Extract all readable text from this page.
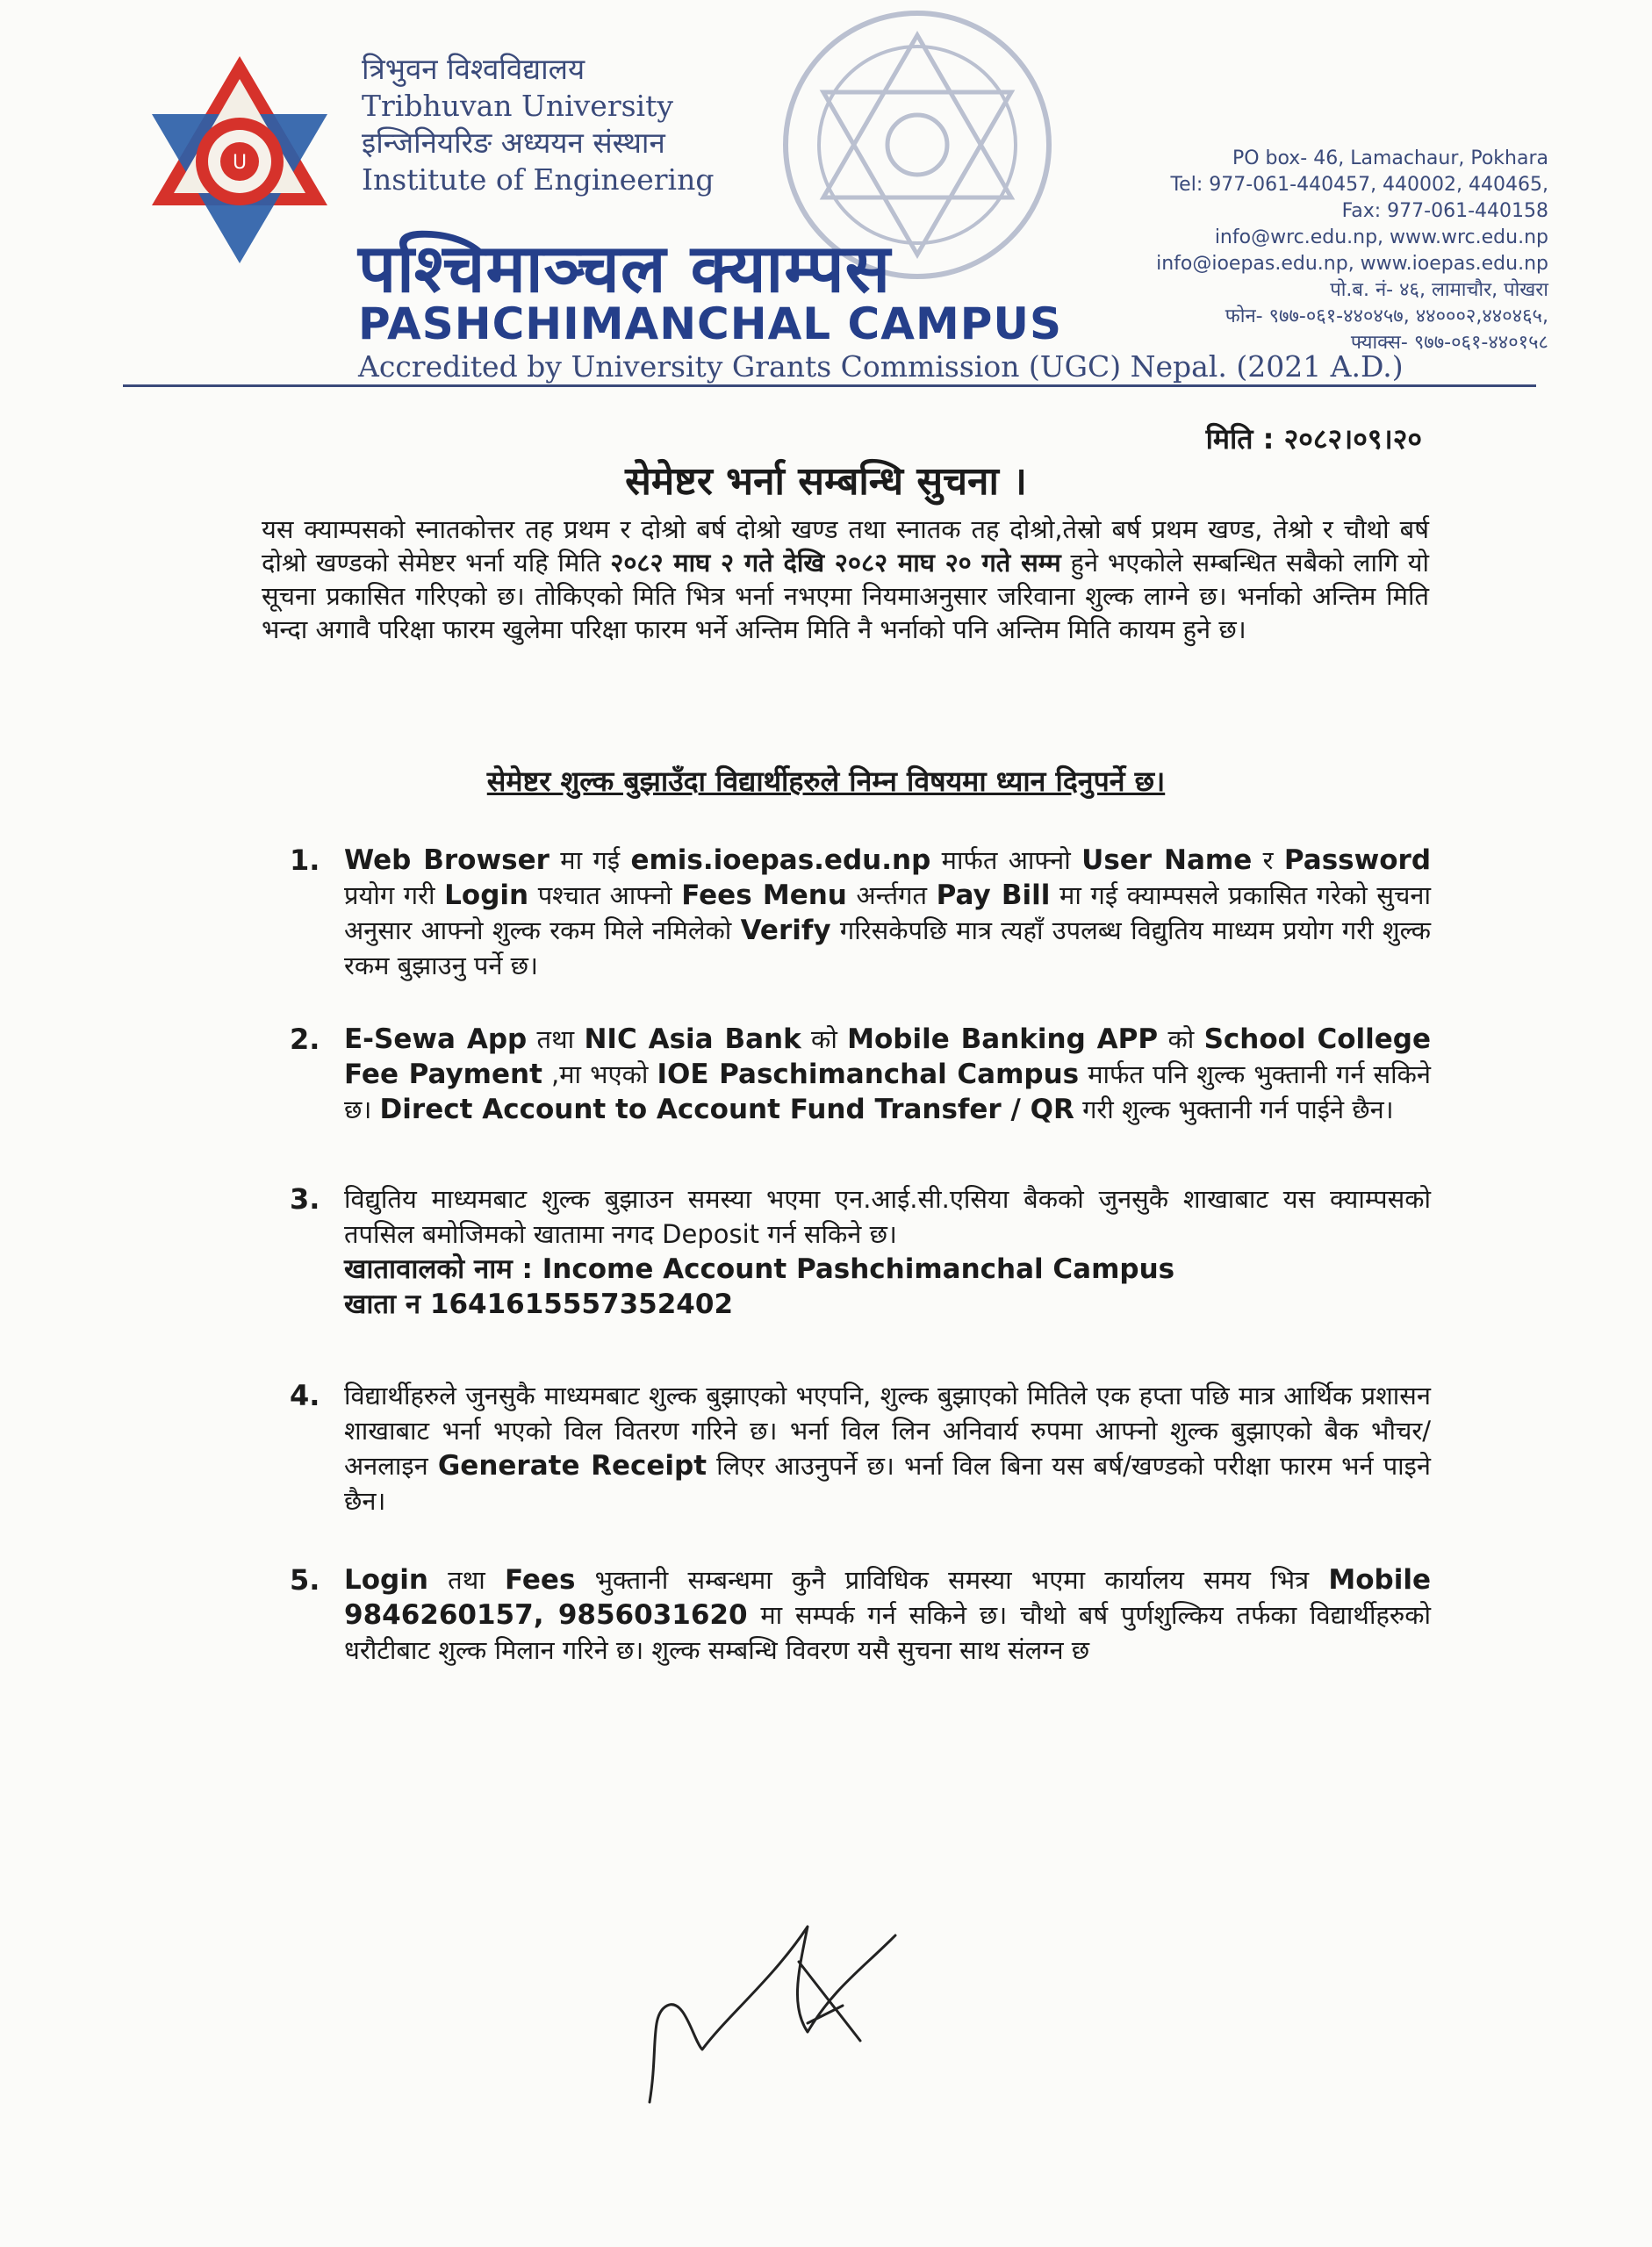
U
त्रिभुवन विश्वविद्यालय
Tribhuvan University
इन्जिनियरिङ अध्ययन संस्थान
Institute of Engineering
पश्चिमाञ्चल क्याम्पस
PASHCHIMANCHAL CAMPUS
Accredited by University Grants Commission (UGC) Nepal. (2021 A.D.)
PO box- 46, Lamachaur, Pokhara
Tel: 977-061-440457, 440002, 440465,
Fax: 977-061-440158
info@wrc.edu.np, www.wrc.edu.np
info@ioepas.edu.np, www.ioepas.edu.np
पो.ब. नं- ४६, लामाचौर, पोखरा
फोन- ९७७-०६१-४४०४५७, ४४०००२,४४०४६५,
फ्याक्स- ९७७-०६१-४४०१५८
मिति : २०८२।०९।२०
सेमेष्टर भर्ना सम्बन्धि सुचना ।
यस क्याम्पसको स्नातकोत्तर तह प्रथम र दोश्रो बर्ष दोश्रो खण्ड तथा स्नातक तह दोश्रो,तेस्रो बर्ष प्रथम खण्ड, तेश्रो र चौथो बर्ष दोश्रो खण्डको सेमेष्टर भर्ना यहि मिति २०८२ माघ २ गते देखि २०८२ माघ २० गते सम्म हुने भएकोले सम्बन्धित सबैको लागि यो सूचना प्रकासित गरिएको छ। तोकिएको मिति भित्र भर्ना नभएमा नियमाअनुसार जरिवाना शुल्क लाग्ने छ। भर्नाको अन्तिम मिति भन्दा अगावै परिक्षा फारम खुलेमा परिक्षा फारम भर्ने अन्तिम मिति नै भर्नाको पनि अन्तिम मिति कायम हुने छ।
सेमेष्टर शुल्क बुझाउँदा विद्यार्थीहरुले निम्न विषयमा ध्यान दिनुपर्ने छ।
1. Web Browser मा गई emis.ioepas.edu.np मार्फत आफ्नो User Name र Password प्रयोग गरी Login पश्चात आफ्नो Fees Menu अर्न्तगत Pay Bill मा गई क्याम्पसले प्रकासित गरेको सुचना अनुसार आफ्नो शुल्क रकम मिले नमिलेको Verify गरिसकेपछि मात्र त्यहाँ उपलब्ध विद्युतिय माध्यम प्रयोग गरी शुल्क रकम बुझाउनु पर्ने छ।
2. E-Sewa App तथा NIC Asia Bank को Mobile Banking APP को School College Fee Payment ,मा भएको IOE Paschimanchal Campus मार्फत पनि शुल्क भुक्तानी गर्न सकिने छ। Direct Account to Account Fund Transfer / QR गरी शुल्क भुक्तानी गर्न पाईने छैन।
3. विद्युतिय माध्यमबाट शुल्क बुझाउन समस्या भएमा एन.आई.सी.एसिया बैकको जुनसुकै शाखाबाट यस क्याम्पसको तपसिल बमोजिमको खातामा नगद Deposit गर्न सकिने छ।
खातावालको नाम : Income Account Pashchimanchal Campus
खाता न 1641615557352402
4. विद्यार्थीहरुले जुनसुकै माध्यमबाट शुल्क बुझाएको भएपनि, शुल्क बुझाएको मितिले एक हप्ता पछि मात्र आर्थिक प्रशासन शाखाबाट भर्ना भएको विल वितरण गरिने छ। भर्ना विल लिन अनिवार्य रुपमा आफ्नो शुल्क बुझाएको बैक भौचर/अनलाइन Generate Receipt लिएर आउनुपर्ने छ। भर्ना विल बिना यस बर्ष/खण्डको परीक्षा फारम भर्न पाइने छैन।
5. Login तथा Fees भुक्तानी सम्बन्धमा कुनै प्राविधिक समस्या भएमा कार्यालय समय भित्र Mobile 9846260157, 9856031620 मा सम्पर्क गर्न सकिने छ। चौथो बर्ष पुर्णशुल्किय तर्फका विद्यार्थीहरुको धरौटीबाट शुल्क मिलान गरिने छ। शुल्क सम्बन्धि विवरण यसै सुचना साथ संलग्न छ
